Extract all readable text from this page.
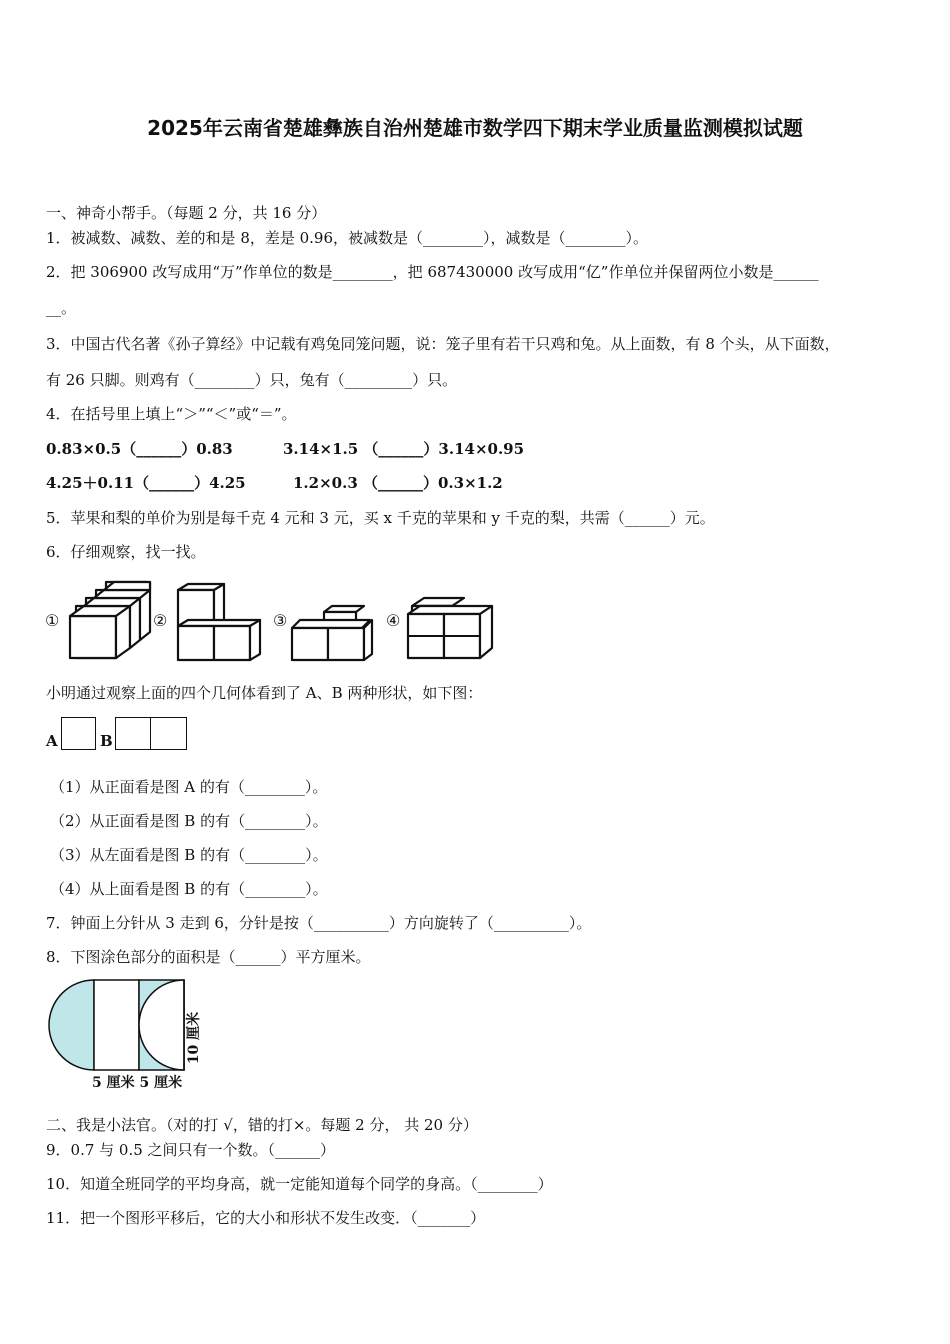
2025年云南省楚雄彝族自治州楚雄市数学四下期末学业质量监测模拟试题
一、神奇小帮手。（每题 2 分，共 16 分）
1．被减数、减数、差的和是 8，差是 0.96，被减数是（________），减数是（________）。
2．把 306900 改写成用“万”作单位的数是________，把 687430000 改写成用“亿”作单位并保留两位小数是______
__。
3．中国古代名著《孙子算经》中记载有鸡兔同笼问题，说：笼子里有若干只鸡和兔。从上面数，有 8 个头，从下面数，
有 26 只脚。则鸡有（________）只，兔有（_________）只。
4．在括号里上填上“＞”“＜”或“＝”。
0.83×0.5（______）0.83	3.14×1.5 （______）3.14×0.95
4.25＋0.11（______）4.25	1.2×0.3 （______）0.3×1.2
5．苹果和梨的单价为别是每千克 4 元和 3 元，买 x 千克的苹果和 y 千克的梨，共需（______）元。
6．仔细观察，找一找。
①	②	③	④
小明通过观察上面的四个几何体看到了 A、B 两种形状，如下图：
A	B
（1）从正面看是图 A 的有（________）。
（2）从正面看是图 B 的有（________）。
（3）从左面看是图 B 的有（________）。
（4）从上面看是图 B 的有（________）。
7．钟面上分针从 3 走到 6，分针是按（__________）方向旋转了（__________）。
8．下图涂色部分的面积是（______）平方厘米。
5 厘米 5 厘米
10 厘米
二、我是小法官。（对的打 √，错的打×。每题 2 分， 共 20 分）
9．0.7 与 0.5 之间只有一个数。（______）
10．知道全班同学的平均身高，就一定能知道每个同学的身高。（________）
11．把一个图形平移后，它的大小和形状不发生改变．（_______）
